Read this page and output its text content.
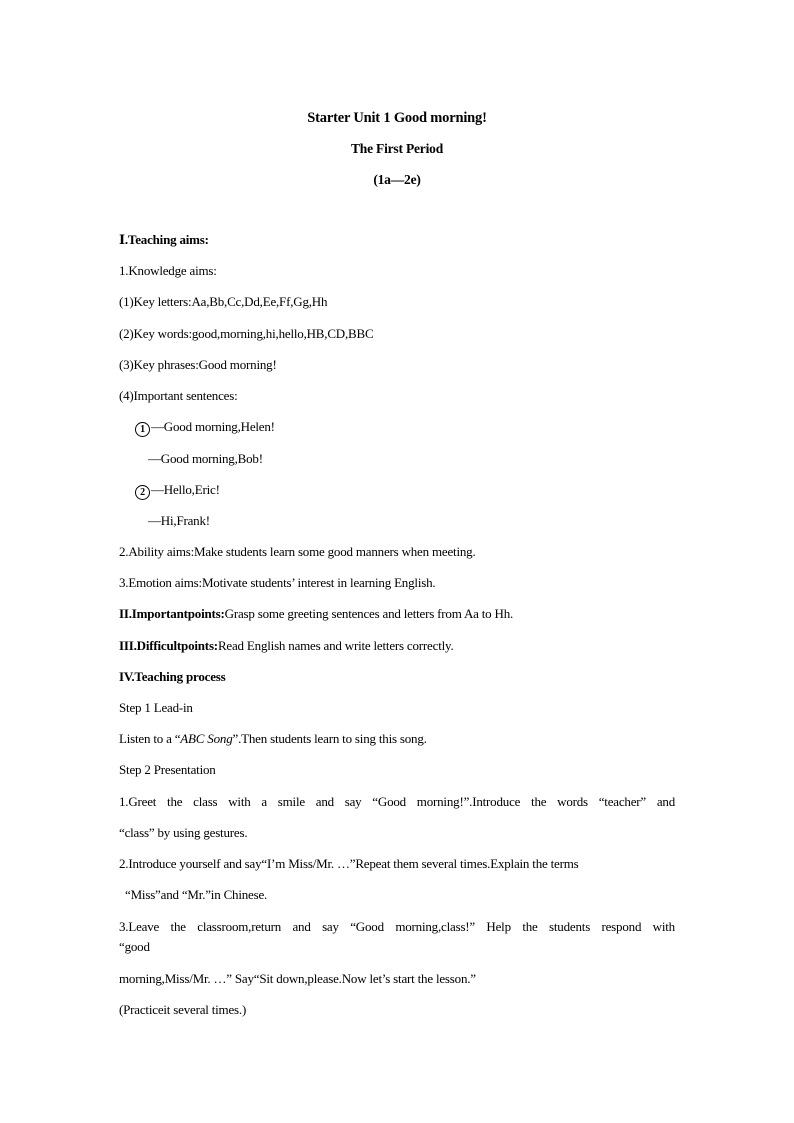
Starter Unit 1 Good morning!
The First Period
(1a—2e)
Ⅰ.Teaching aims:
1.Knowledge aims:
(1)Key letters:Aa,Bb,Cc,Dd,Ee,Ff,Gg,Hh
(2)Key words:good,morning,hi,hello,HB,CD,BBC
(3)Key phrases:Good morning!
(4)Important sentences:
1 —Good morning,Helen!
—Good morning,Bob!
2 —Hello,Eric!
—Hi,Frank!
2.Ability aims:Make students learn some good manners when meeting.
3.Emotion aims:Motivate students’ interest in learning English.
II.Importantpoints:Grasp some greeting sentences and letters from Aa to Hh.
III.Difficultpoints:Read English names and write letters correctly.
IV.Teaching process
Step 1 Lead-in
Listen to a “ABC Song”.Then students learn to sing this song.
Step 2 Presentation
1.Greet the class with a smile and say “Good morning!”.Introduce the words “teacher” and
“class” by using gestures.
2.Introduce yourself and say“I’m Miss/Mr. …”Repeat them several times.Explain the terms
“Miss”and “Mr.”in Chinese.
3.Leave the classroom,return and say “Good morning,class!” Help the students respond with
“good
morning,Miss/Mr. …” Say“Sit down,please.Now let’s start the lesson.”
(Practiceit several times.)
